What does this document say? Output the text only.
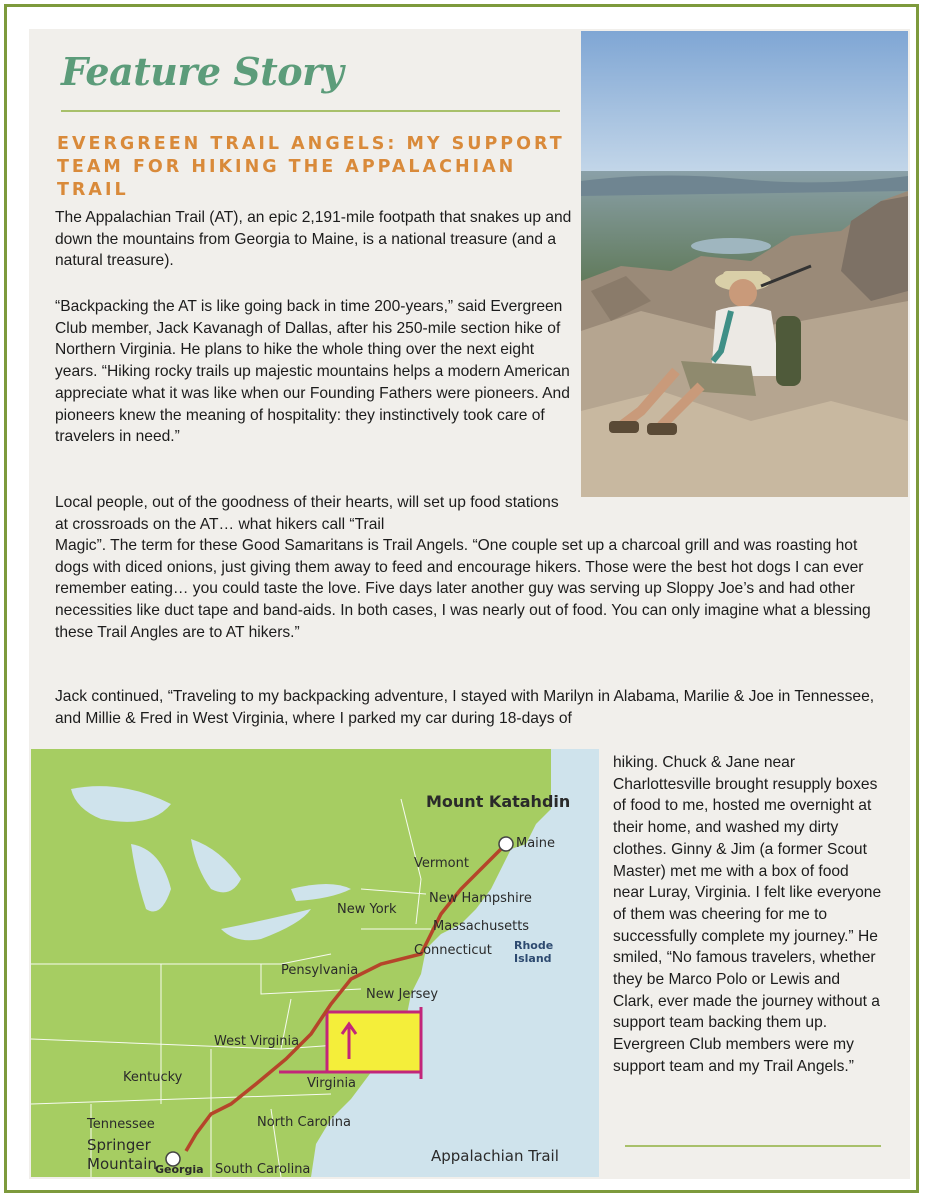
Feature Story
EVERGREEN TRAIL ANGELS: MY SUPPORT TEAM FOR HIKING THE APPALACHIAN TRAIL

The Appalachian Trail (AT), an epic 2,191-mile footpath that snakes up and down the mountains from Georgia to Maine, is a national treasure (and a natural treasure).

“Backpacking the AT is like going back in time 200-years,” said Evergreen Club member, Jack Kavanagh of Dallas, after his 250-mile section hike of Northern Virginia. He plans to hike the whole thing over the next eight years. “Hiking rocky trails up majestic mountains helps a modern American appreciate what it was like when our Founding Fathers were pioneers. And pioneers knew the meaning of hospitality: they instinctively took care of travelers in need.”

Local people, out of the goodness of their hearts, will set up food stations at crossroads on the AT… what hikers call “Trail

Magic”. The term for these Good Samaritans is Trail Angels. “One couple set up a charcoal grill and was roasting hot dogs with diced onions, just giving them away to feed and encourage hikers. Those were the best hot dogs I can ever remember eating… you could taste the love. Five days later another guy was serving up Sloppy Joe’s and had other necessities like duct tape and band-aids. In both cases, I was nearly out of food. You can only imagine what a blessing these Trail Angles are to AT hikers.”

Jack continued, “Traveling to my backpacking adventure, I stayed with Marilyn in Alabama, Marilie & Joe in Tennessee, and Millie & Fred in West Virginia, where I parked my car during 18-days of

hiking. Chuck & Jane near Charlottesville brought resupply boxes of food to me, hosted me overnight at their home, and washed my dirty clothes. Ginny & Jim (a former Scout Master) met me with a box of food near Luray, Virginia. I felt like everyone of them was cheering for me to successfully complete my journey.” He smiled, “No famous travelers, whether they be Marco Polo or Lewis and Clark, ever made the journey without a support team backing them up. Evergreen Club members were my support team and my Trail Angels.”

Mount Katahdin
Maine
Vermont
New Hampshire
New York
Massachusetts
Connecticut Rhode
Island
Pensylvania
New Jersey
West Virginia
Virginia
Kentucky
Tennessee	North Carolina
Springer
Mountain
Georgia South Carolina
Appalachian Trail
